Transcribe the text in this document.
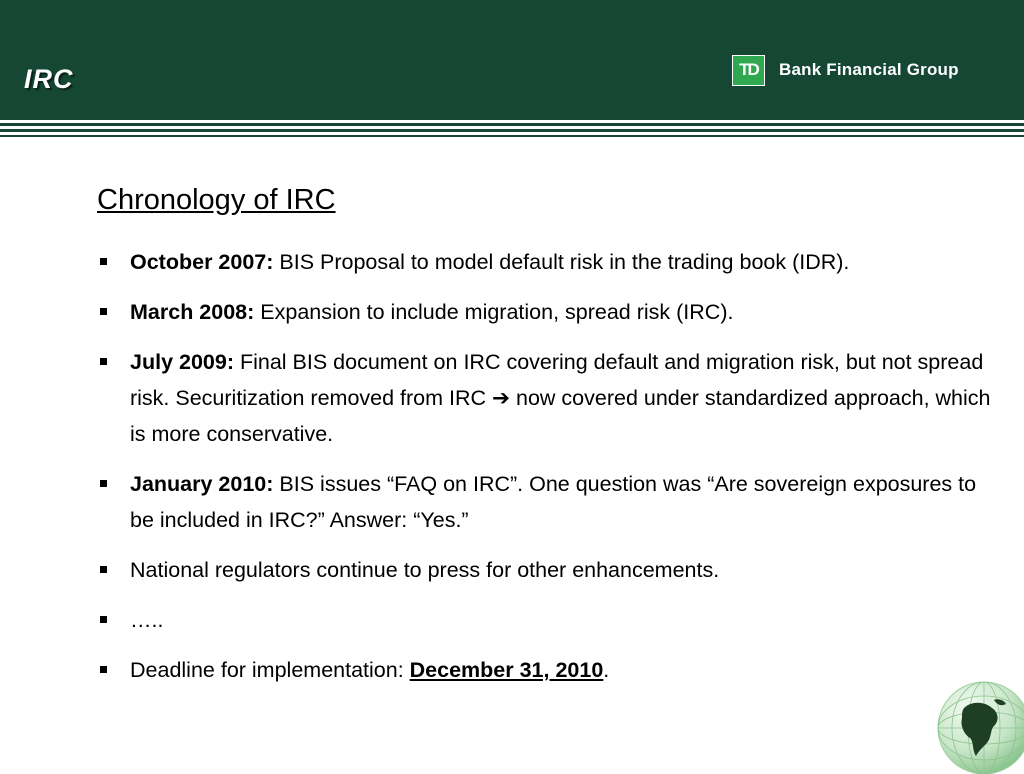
IRC	TD	Bank Financial Group
Chronology of IRC
October 2007: BIS Proposal to model default risk in the trading book (IDR).
March 2008: Expansion to include migration, spread risk (IRC).
July 2009: Final BIS document on IRC covering default and migration risk, but not spread risk. Securitization removed from IRC ➔ now covered under standardized approach, which is more conservative.
January 2010: BIS issues “FAQ on IRC”. One question was “Are sovereign exposures to be included in IRC?” Answer: “Yes.”
National regulators continue to press for other enhancements.
…..
Deadline for implementation: December 31, 2010.
